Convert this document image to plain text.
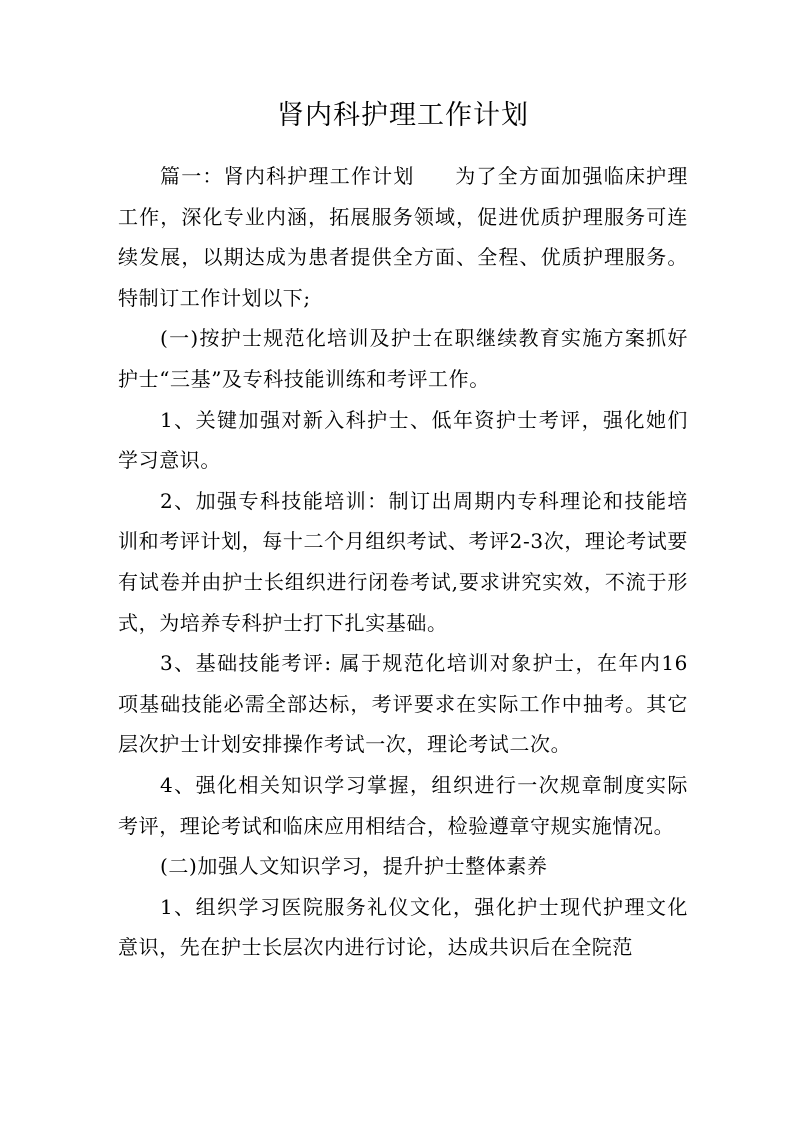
肾内科护理工作计划

篇一：肾内科护理工作计划 为了全方面加强临床护理工作，深化专业内涵，拓展服务领域，促进优质护理服务可连续发展，以期达成为患者提供全方面、全程、优质护理服务。特制订工作计划以下;

(一)按护士规范化培训及护士在职继续教育实施方案抓好护士“三基”及专科技能训练和考评工作。

1、关键加强对新入科护士、低年资护士考评，强化她们学习意识。

2、加强专科技能培训：制订出周期内专科理论和技能培训和考评计划，每十二个月组织考试、考评2-3次，理论考试要有试卷并由护士长组织进行闭卷考试,要求讲究实效，不流于形式，为培养专科护士打下扎实基础。

3、基础技能考评: 属于规范化培训对象护士，在年内16项基础技能必需全部达标，考评要求在实际工作中抽考。其它层次护士计划安排操作考试一次，理论考试二次。

4、强化相关知识学习掌握，组织进行一次规章制度实际考评，理论考试和临床应用相结合，检验遵章守规实施情况。

(二)加强人文知识学习，提升护士整体素养

1、组织学习医院服务礼仪文化，强化护士现代护理文化意识，先在护士长层次内进行讨论，达成共识后在全院范
